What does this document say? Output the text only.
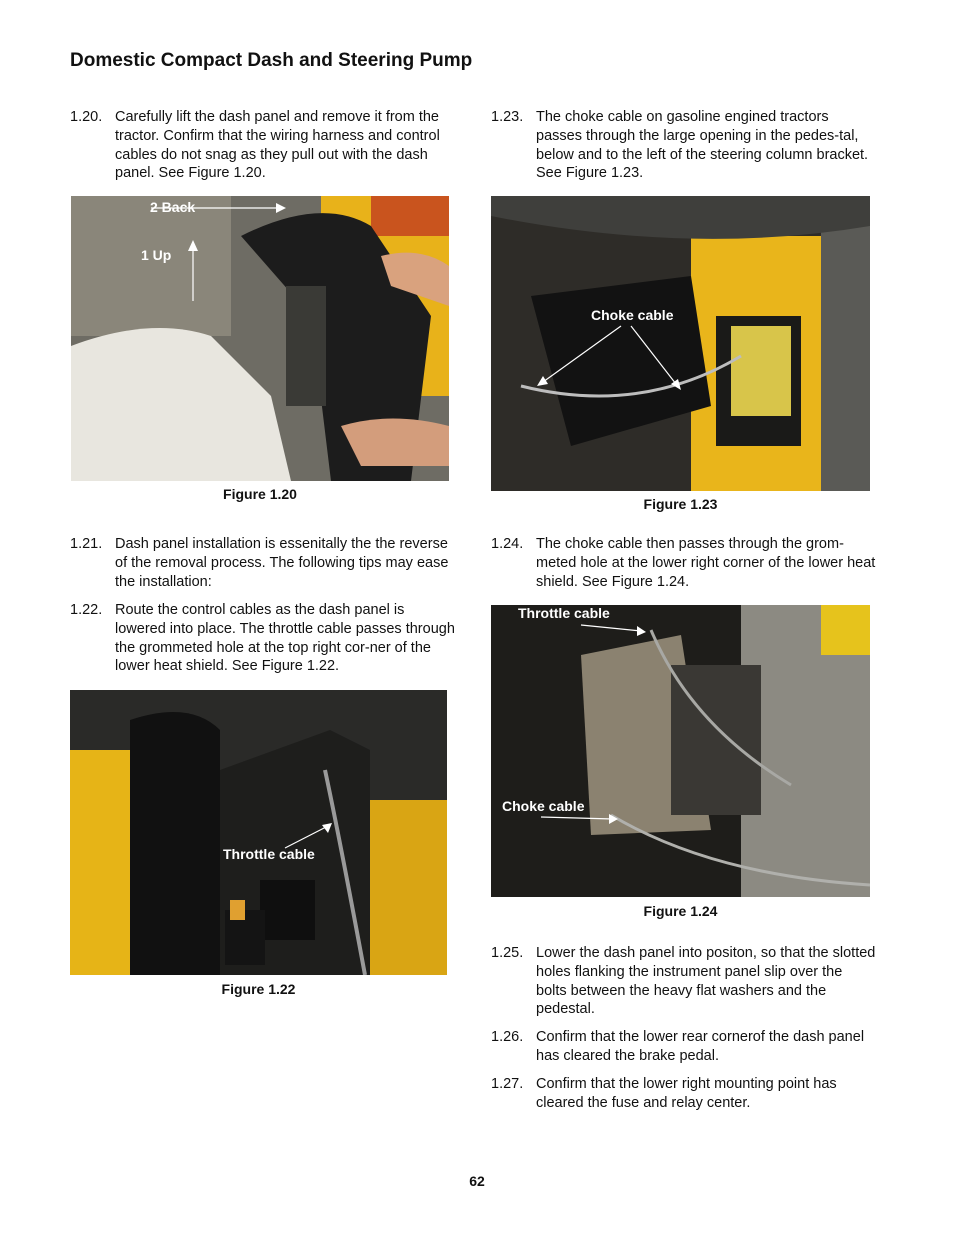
Domestic Compact Dash and Steering Pump
1.20. Carefully lift the dash panel and remove it from the tractor. Confirm that the wiring harness and control cables do not snag as they pull out with the dash panel. See Figure 1.20.
2 Back
1 Up
Figure 1.20
1.21. Dash panel installation is essenitally the the reverse of the removal process. The following tips may ease the installation:
1.22. Route the control cables as the dash panel is lowered into place. The throttle cable passes through the grommeted hole at the top right cor-ner of the lower heat shield. See Figure 1.22.
Throttle cable
Figure 1.22
1.23. The choke cable on gasoline engined tractors passes through the large opening in the pedes-tal, below and to the left of the steering column bracket. See Figure 1.23.
Choke cable
Figure 1.23
1.24. The choke cable then passes through the grom-meted hole at the lower right corner of the lower heat shield. See Figure 1.24.
Throttle cable
Choke cable
Figure 1.24
1.25. Lower the dash panel into positon, so that the slotted holes flanking the instrument panel slip over the bolts between the heavy flat washers and the pedestal.
1.26. Confirm that the lower rear cornerof the dash panel has cleared the brake pedal.
1.27. Confirm that the lower right mounting point has cleared the fuse and relay center.
62
